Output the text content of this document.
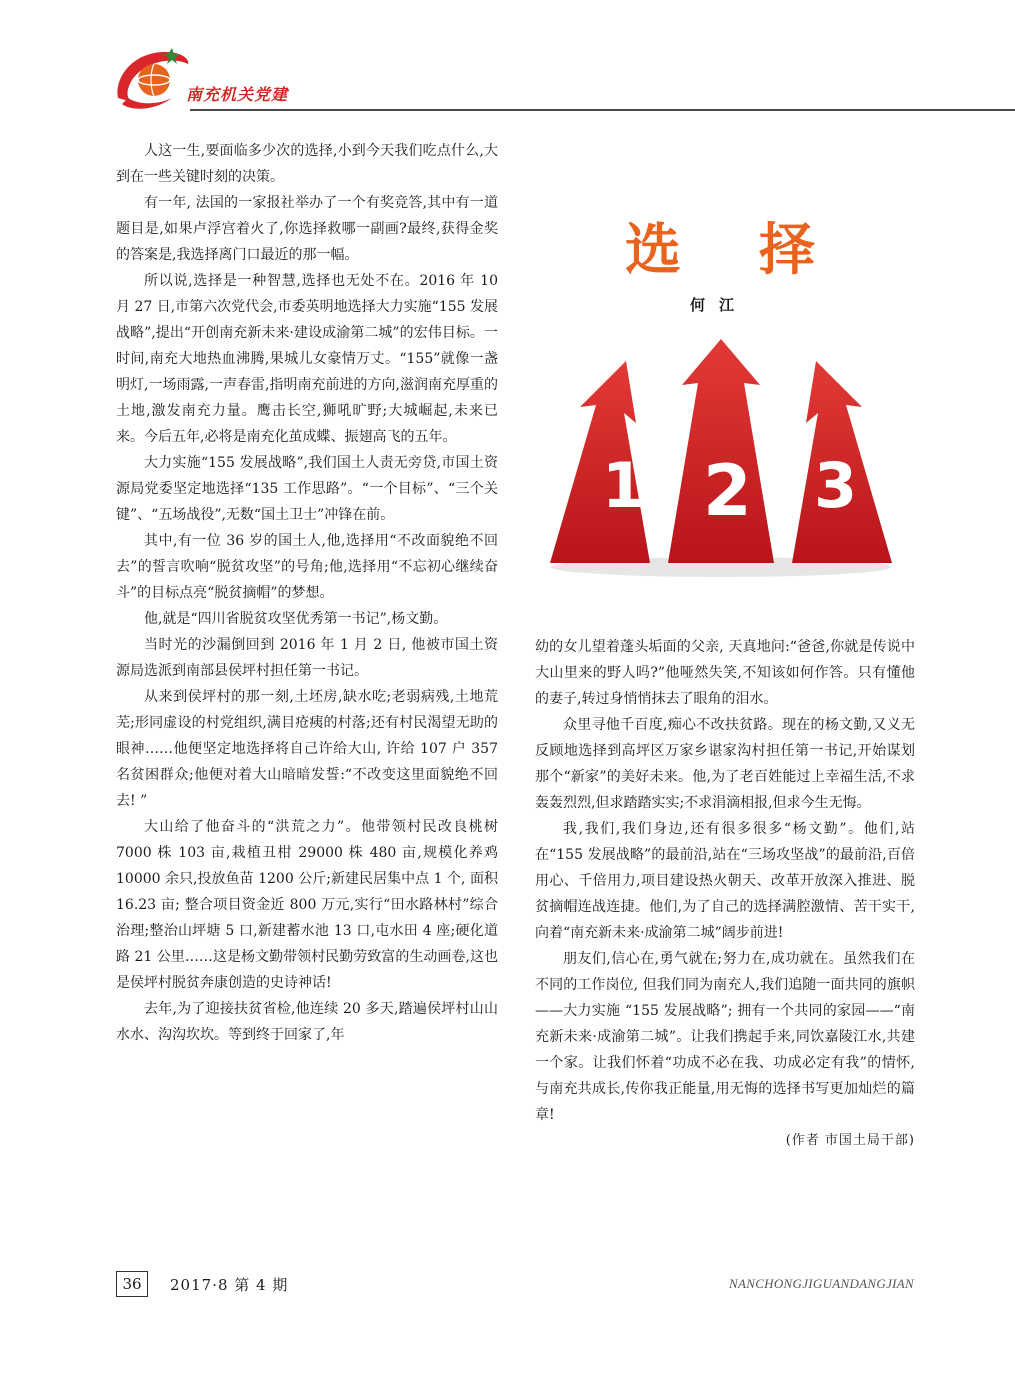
南充机关党建

人这一生,要面临多少次的选择,小到今天我们吃点什么,大到在一些关键时刻的决策。

有一年, 法国的一家报社举办了一个有奖竞答,其中有一道题目是,如果卢浮宫着火了,你选择救哪一副画?最终,获得金奖的答案是,我选择离门口最近的那一幅。

所以说,选择是一种智慧,选择也无处不在。2016 年 10 月 27 日,市第六次党代会,市委英明地选择大力实施“155 发展战略”,提出“开创南充新未来·建设成渝第二城”的宏伟目标。一时间,南充大地热血沸腾,果城儿女豪情万丈。“155”就像一盏明灯,一场雨露,一声春雷,指明南充前进的方向,滋润南充厚重的土地,激发南充力量。鹰击长空,狮吼旷野;大城崛起,未来已来。今后五年,必将是南充化茧成蝶、振翅高飞的五年。

大力实施“155 发展战略”,我们国土人责无旁贷,市国土资源局党委坚定地选择“135 工作思路”。“一个目标”、“三个关键”、“五场战役”,无数“国土卫士”冲锋在前。

其中,有一位 36 岁的国土人,他,选择用“不改面貌绝不回去”的誓言吹响“脱贫攻坚”的号角;他,选择用“不忘初心继续奋斗”的目标点亮“脱贫摘帽”的梦想。

他,就是“四川省脱贫攻坚优秀第一书记”,杨文勤。

当时光的沙漏倒回到 2016 年 1 月 2 日, 他被市国土资源局选派到南部县侯坪村担任第一书记。

从来到侯坪村的那一刻,土坯房,缺水吃;老弱病残,土地荒芜;形同虚设的村党组织,满目疮痍的村落;还有村民渴望无助的眼神……他便坚定地选择将自己许给大山, 许给 107 户 357 名贫困群众;他便对着大山暗暗发誓:“不改变这里面貌绝不回去! ”

大山给了他奋斗的“洪荒之力”。他带领村民改良桃树 7000 株 103 亩,栽植丑柑 29000 株 480 亩,规模化养鸡 10000 余只,投放鱼苗 1200 公斤;新建民居集中点 1 个, 面积 16.23 亩; 整合项目资金近 800 万元,实行“田水路林村”综合治理;整治山坪塘 5 口,新建蓄水池 13 口,屯水田 4 座;硬化道路 21 公里……这是杨文勤带领村民勤劳致富的生动画卷,这也是侯坪村脱贫奔康创造的史诗神话!

去年,为了迎接扶贫省检,他连续 20 多天,踏遍侯坪村山山水水、沟沟坎坎。等到终于回家了,年

选 择
何江
1 2 3

幼的女儿望着蓬头垢面的父亲, 天真地问:“爸爸,你就是传说中大山里来的野人吗?”他哑然失笑,不知该如何作答。只有懂他的妻子,转过身悄悄抹去了眼角的泪水。

众里寻他千百度,痴心不改扶贫路。现在的杨文勤,又义无反顾地选择到高坪区万家乡谌家沟村担任第一书记,开始谋划那个“新家”的美好未来。他,为了老百姓能过上幸福生活,不求轰轰烈烈,但求踏踏实实;不求涓滴相报,但求今生无悔。

我,我们,我们身边,还有很多很多“杨文勤”。他们,站在“155 发展战略”的最前沿,站在“三场攻坚战”的最前沿,百倍用心、千倍用力,项目建设热火朝天、改革开放深入推进、脱贫摘帽连战连捷。他们,为了自己的选择满腔激情、苦干实干,向着“南充新未来·成渝第二城”阔步前进!

朋友们,信心在,勇气就在;努力在,成功就在。虽然我们在不同的工作岗位, 但我们同为南充人,我们追随一面共同的旗帜——大力实施 “155 发展战略”; 拥有一个共同的家园——“南充新未来·成渝第二城”。让我们携起手来,同饮嘉陵江水,共建一个家。让我们怀着“功成不必在我、功成必定有我”的情怀,与南充共成长,传你我正能量,用无悔的选择书写更加灿烂的篇章!

(作者 市国土局干部)

36	2017·8 第 4 期	NANCHONGJIGUANDANGJIAN
